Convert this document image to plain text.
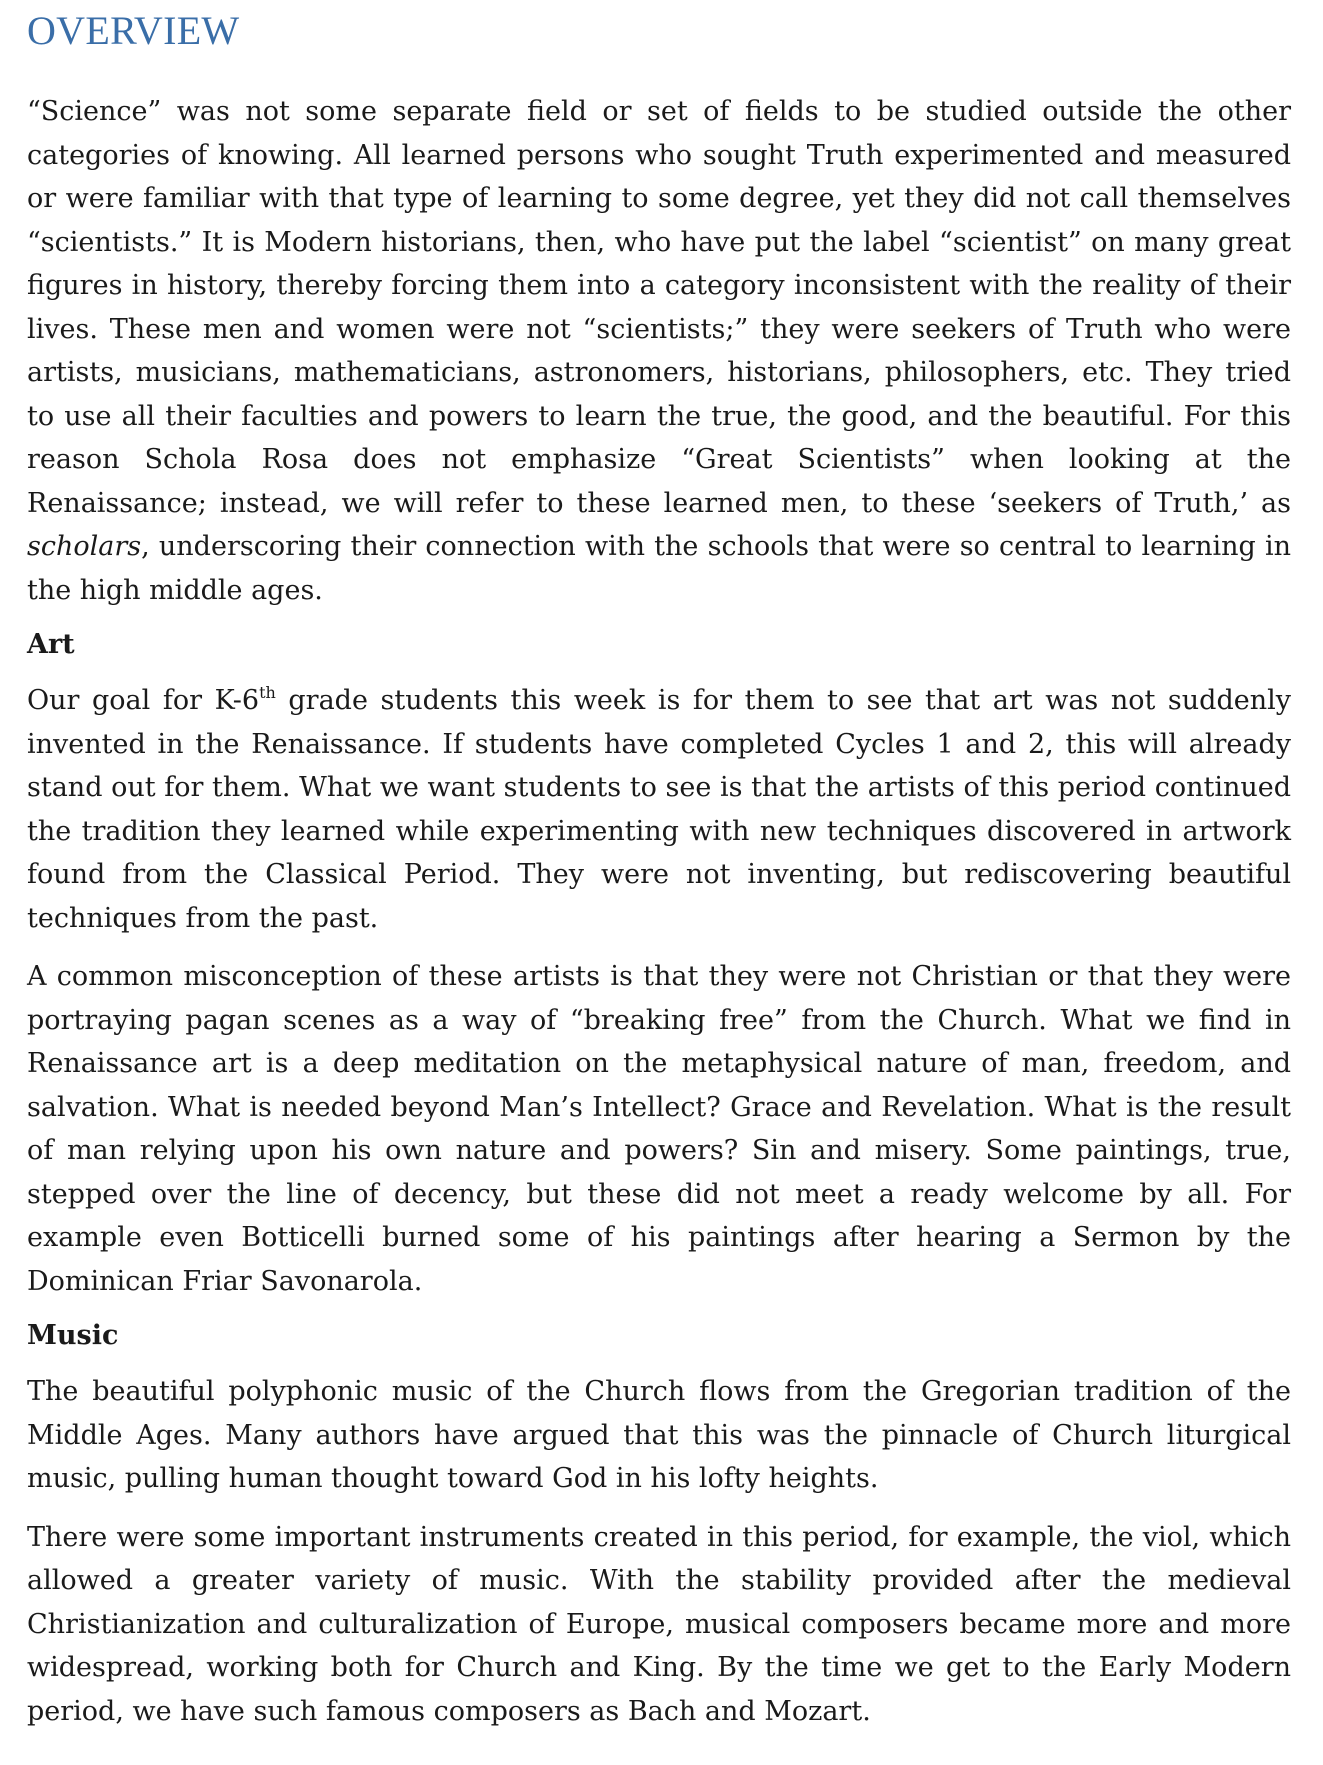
OVERVIEW

“Science” was not some separate field or set of fields to be studied outside the other categories of knowing. All learned persons who sought Truth experimented and measured or were familiar with that type of learning to some degree, yet they did not call themselves “scientists.” It is Modern historians, then, who have put the label “scientist” on many great figures in history, thereby forcing them into a category inconsistent with the reality of their lives. These men and women were not “scientists;” they were seekers of Truth who were artists, musicians, mathematicians, astronomers, historians, philosophers, etc. They tried to use all their faculties and powers to learn the true, the good, and the beautiful. For this reason Schola Rosa does not emphasize “Great Scientists” when looking at the Renaissance; instead, we will refer to these learned men, to these ‘seekers of Truth,’ as scholars, underscoring their connection with the schools that were so central to learning in the high middle ages.

Art

Our goal for K-6th grade students this week is for them to see that art was not suddenly invented in the Renaissance. If students have completed Cycles 1 and 2, this will already stand out for them. What we want students to see is that the artists of this period continued the tradition they learned while experimenting with new techniques discovered in artwork found from the Classical Period. They were not inventing, but rediscovering beautiful techniques from the past.

A common misconception of these artists is that they were not Christian or that they were portraying pagan scenes as a way of “breaking free” from the Church. What we find in Renaissance art is a deep meditation on the metaphysical nature of man, freedom, and salvation. What is needed beyond Man’s Intellect? Grace and Revelation. What is the result of man relying upon his own nature and powers? Sin and misery. Some paintings, true, stepped over the line of decency, but these did not meet a ready welcome by all. For example even Botticelli burned some of his paintings after hearing a Sermon by the Dominican Friar Savonarola.

Music

The beautiful polyphonic music of the Church flows from the Gregorian tradition of the Middle Ages. Many authors have argued that this was the pinnacle of Church liturgical music, pulling human thought toward God in his lofty heights.

There were some important instruments created in this period, for example, the viol, which allowed a greater variety of music. With the stability provided after the medieval Christianization and culturalization of Europe, musical composers became more and more widespread, working both for Church and King. By the time we get to the Early Modern period, we have such famous composers as Bach and Mozart.
